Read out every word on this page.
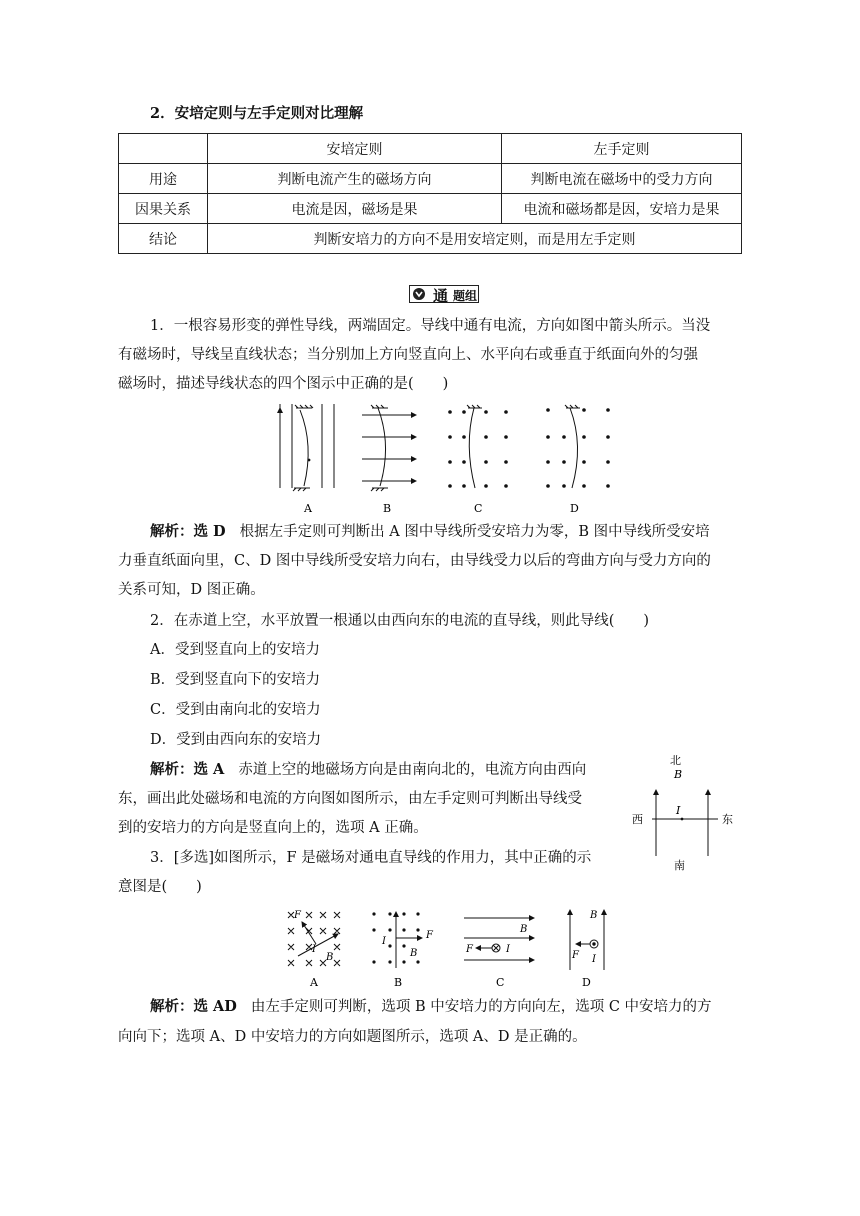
2．安培定则与左手定则对比理解
	安培定则	左手定则
用途	判断电流产生的磁场方向	判断电流在磁场中的受力方向
因果关系	电流是因，磁场是果	电流和磁场都是因，安培力是果
结论	判断安培力的方向不是用安培定则，而是用左手定则	
通 题组
1．一根容易形变的弹性导线，两端固定。导线中通有电流，方向如图中箭头所示。当没
有磁场时，导线呈直线状态；当分别加上方向竖直向上、水平向右或垂直于纸面向外的匀强
磁场时，描述导线状态的四个图示中正确的是(　　)
A	B	C	D
解析：选 D 根据左手定则可判断出 A 图中导线所受安培力为零，B 图中导线所受安培
力垂直纸面向里，C、D 图中导线所受安培力向右，由导线受力以后的弯曲方向与受力方向的
关系可知，D 图正确。
2．在赤道上空，水平放置一根通以由西向东的电流的直导线，则此导线(　　)
A．受到竖直向上的安培力
B．受到竖直向下的安培力
C．受到由南向北的安培力
D．受到由西向东的安培力
解析：选 A 赤道上空的地磁场方向是由南向北的，电流方向由西向
东，画出此处磁场和电流的方向图如图所示，由左手定则可判断出导线受
到的安培力的方向是竖直向上的，选项 A 正确。
北
B
I
西	东
南
3．[多选]如图所示，F 是磁场对通电直导线的作用力，其中正确的示
意图是(　　)
F
I
B
A
I
F
B
B
B
F	I
C
B
F I
D
解析：选 AD 由左手定则可判断，选项 B 中安培力的方向向左，选项 C 中安培力的方
向向下；选项 A、D 中安培力的方向如题图所示，选项 A、D 是正确的。
